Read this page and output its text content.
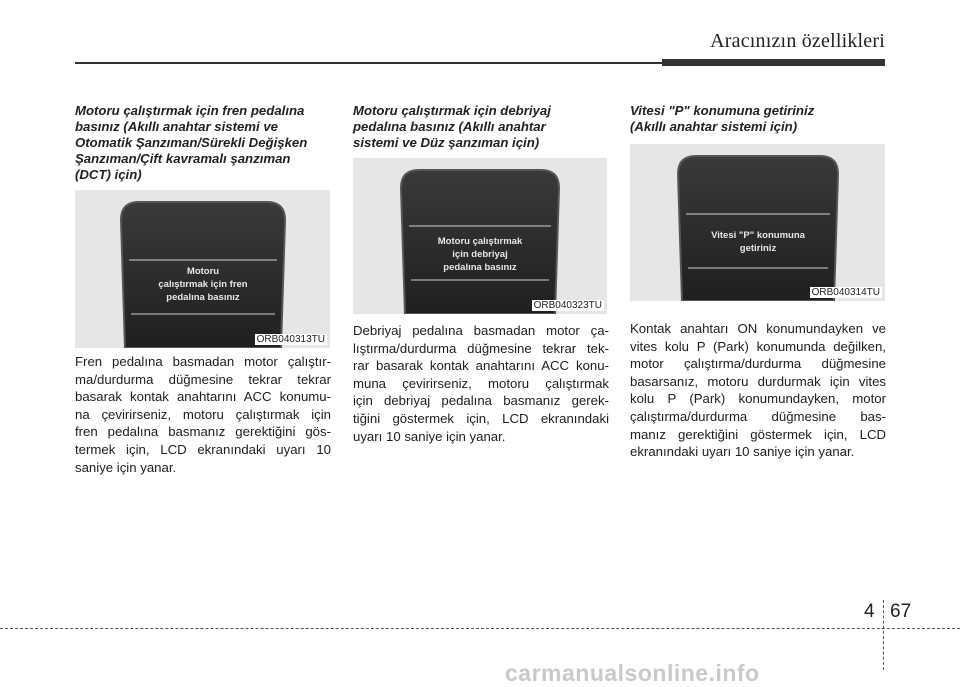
Aracınızın özellikleri
Motoru çalıştırmak için fren pedalına
basınız (Akıllı anahtar sistemi ve
Otomatik Şanzıman/Sürekli Değişken
Şanzıman/Çift kavramalı şanzıman
(DCT) için)
Motoru
çalıştırmak için fren
pedalına basınız
ORB040313TU
Fren pedalına basmadan motor çalıştır-
ma/durdurma düğmesine tekrar tekrar
basarak kontak anahtarını ACC konumu-
na çevirirseniz, motoru çalıştırmak için
fren pedalına basmanız gerektiğini gös-
termek için, LCD ekranındaki uyarı 10
saniye için yanar.
Motoru çalıştırmak için debriyaj
pedalına basınız (Akıllı anahtar
sistemi ve Düz şanzıman için)
Motoru çalıştırmak
için debriyaj
pedalına basınız
ORB040323TU
Debriyaj pedalına basmadan motor ça-
lıştırma/durdurma düğmesine tekrar tek-
rar basarak kontak anahtarını ACC konu-
muna çevirirseniz, motoru çalıştırmak
için debriyaj pedalına basmanız gerek-
tiğini göstermek için, LCD ekranındaki
uyarı 10 saniye için yanar.
Vitesi "P" konumuna getiriniz
(Akıllı anahtar sistemi için)
Vitesi "P" konumuna
getiriniz
ORB040314TU
Kontak anahtarı ON konumundayken ve
vites kolu P (Park) konumunda değilken,
motor çalıştırma/durdurma düğmesine
basarsanız, motoru durdurmak için vites
kolu P (Park) konumundayken, motor
çalıştırma/durdurma düğmesine bas-
manız gerektiğini göstermek için, LCD
ekranındaki uyarı 10 saniye için yanar.
4 67
carmanualsonline.info
